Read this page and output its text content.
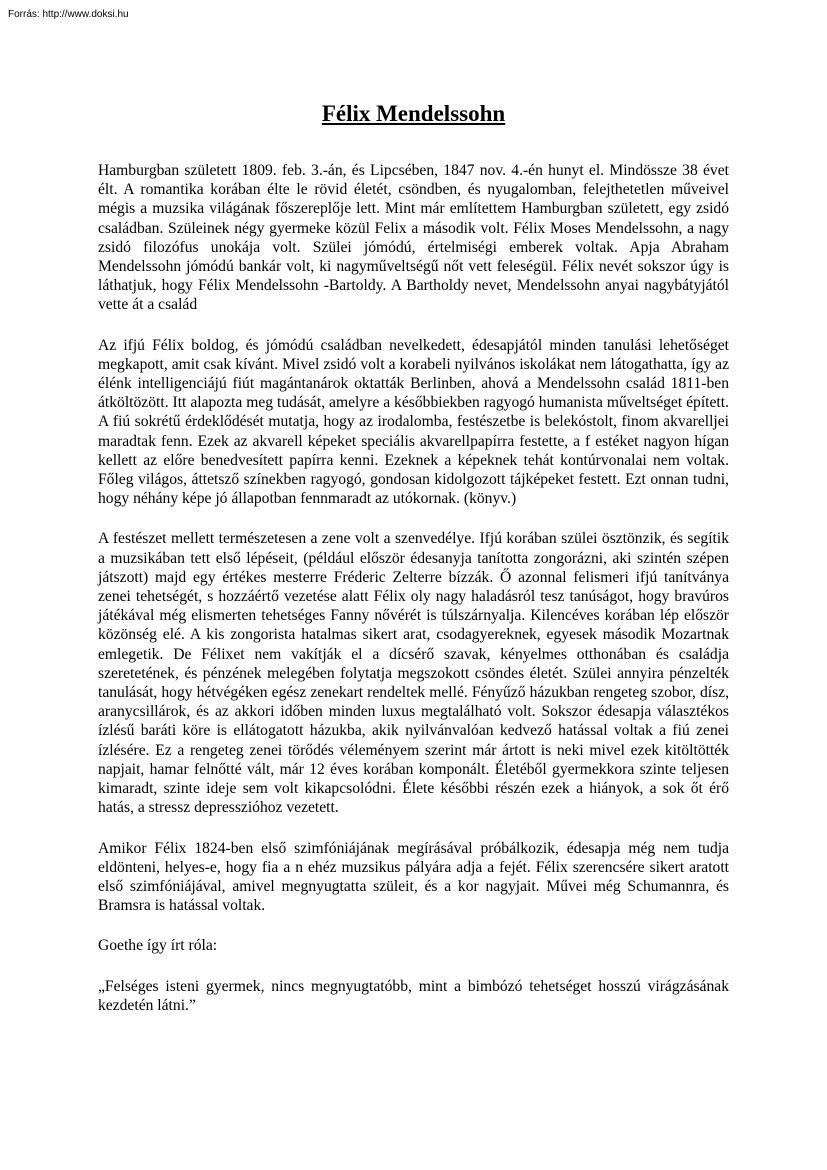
Forrás: http://www.doksi.hu
Félix Mendelssohn

Hamburgban született 1809. feb. 3.-án, és Lipcsében, 1847 nov. 4.-én hunyt el. Mindössze 38 évet élt. A romantika korában élte le rövid életét, csöndben, és nyugalomban, felejthetetlen műveivel mégis a muzsika világának főszereplője lett. Mint már említettem Hamburgban született, egy zsidó családban. Szüleinek négy gyermeke közül Felix a második volt. Félix Moses Mendelssohn, a nagy zsidó filozófus unokája volt. Szülei jómódú, értelmiségi emberek voltak. Apja Abraham Mendelssohn jómódú bankár volt, ki nagyműveltségű nőt vett feleségül. Félix nevét sokszor úgy is láthatjuk, hogy Félix Mendelssohn -Bartoldy. A Bartholdy nevet, Mendelssohn anyai nagybátyjától vette át a család

Az ifjú Félix boldog, és jómódú családban nevelkedett, édesapjától minden tanulási lehetőséget megkapott, amit csak kívánt. Mivel zsidó volt a korabeli nyilvános iskolákat nem látogathatta, így az élénk intelligenciájú fiút magántanárok oktatták Berlinben, ahová a Mendelssohn család 1811-ben átköltözött. Itt alapozta meg tudását, amelyre a későbbiekben ragyogó humanista műveltséget épített. A fiú sokrétű érdeklődését mutatja, hogy az irodalomba, festészetbe is belekóstolt, finom akvarelljei maradtak fenn. Ezek az akvarell képeket speciális akvarellpapírra festette, a f estéket nagyon hígan kellett az előre benedvesített papírra kenni. Ezeknek a képeknek tehát kontúrvonalai nem voltak. Főleg világos, áttetsző színekben ragyogó, gondosan kidolgozott tájképeket festett. Ezt onnan tudni, hogy néhány képe jó állapotban fennmaradt az utókornak. (könyv.)

A festészet mellett természetesen a zene volt a szenvedélye. Ifjú korában szülei ösztönzik, és segítik a muzsikában tett első lépéseit, (például először édesanyja tanította zongorázni, aki szintén szépen játszott) majd egy értékes mesterre Fréderic Zelterre bízzák. Ő azonnal felismeri ifjú tanítványa zenei tehetségét, s hozzáértő vezetése alatt Félix oly nagy haladásról tesz tanúságot, hogy bravúros játékával még elismerten tehetséges Fanny nővérét is túlszárnyalja. Kilencéves korában lép először közönség elé. A kis zongorista hatalmas sikert arat, csodagyereknek, egyesek második Mozartnak emlegetik. De Félixet nem vakítják el a dícsérő szavak, kényelmes otthonában és családja szeretetének, és pénzének melegében folytatja megszokott csöndes életét. Szülei annyira pénzelték tanulását, hogy hétvégéken egész zenekart rendeltek mellé. Fényűző házukban rengeteg szobor, dísz, aranycsillárok, és az akkori időben minden luxus megtalálható volt. Sokszor édesapja választékos ízlésű baráti köre is ellátogatott házukba, akik nyilvánvalóan kedvező hatással voltak a fiú zenei ízlésére. Ez a rengeteg zenei törődés véleményem szerint már ártott is neki mivel ezek kitöltötték napjait, hamar felnőtté vált, már 12 éves korában komponált. Életéből gyermekkora szinte teljesen kimaradt, szinte ideje sem volt kikapcsolódni. Élete későbbi részén ezek a hiányok, a sok őt érő hatás, a stressz depresszióhoz vezetett.

Amikor Félix 1824-ben első szimfóniájának megírásával próbálkozik, édesapja még nem tudja eldönteni, helyes-e, hogy fia a n ehéz muzsikus pályára adja a fejét. Félix szerencsére sikert aratott első szimfóniájával, amivel megnyugtatta szüleit, és a kor nagyjait. Művei még Schumannra, és Bramsra is hatással voltak.

Goethe így írt róla:

„Felséges isteni gyermek, nincs megnyugtatóbb, mint a bimbózó tehetséget hosszú virágzásának kezdetén látni.”
